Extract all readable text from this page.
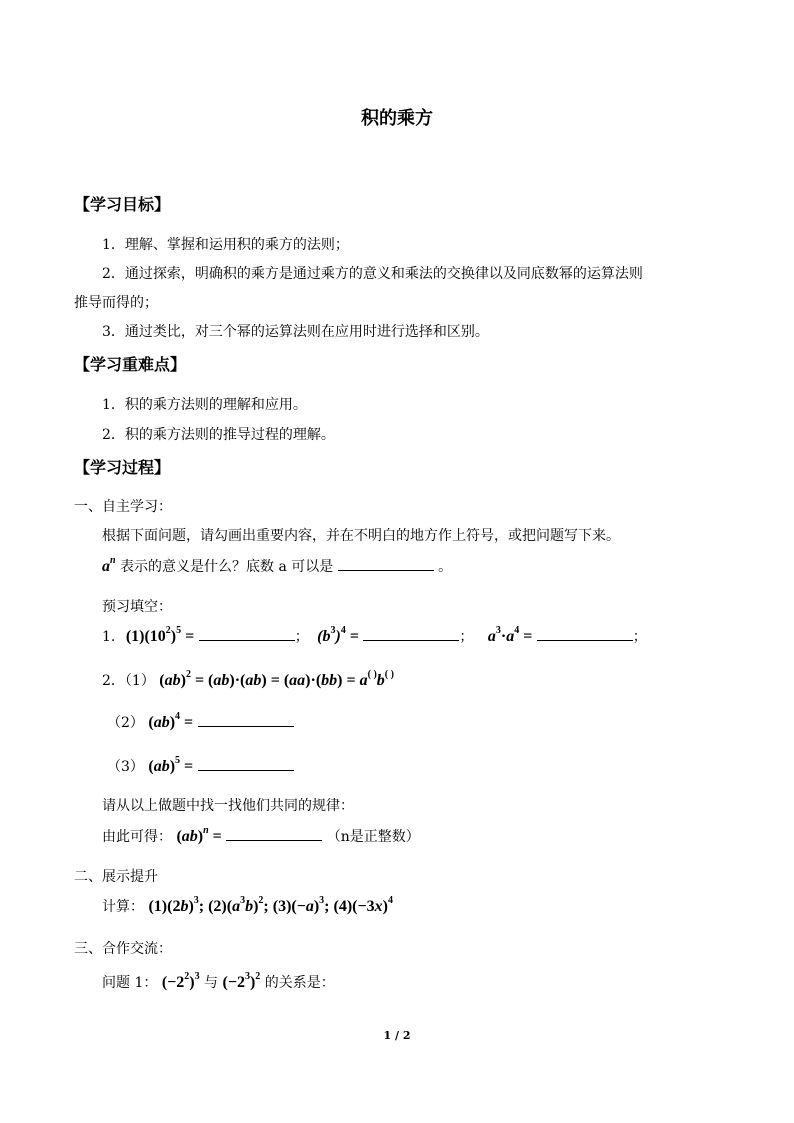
积的乘方
【学习目标】
1．理解、掌握和运用积的乘方的法则；
2．通过探索，明确积的乘方是通过乘方的意义和乘法的交换律以及同底数幂的运算法则
推导而得的；
3．通过类比，对三个幂的运算法则在应用时进行选择和区别。
【学习重难点】
1．积的乘方法则的理解和应用。
2．积的乘方法则的推导过程的理解。
【学习过程】
一、自主学习：
根据下面问题，请勾画出重要内容，并在不明白的地方作上符号，或把问题写下来。
$a^n$ 表示的意义是什么？底数 a 可以是	。
预习填空：
1. $(1)(10^2)^5$ =	； $(b^3)^4$ =	； $a^3\cdot a^4$ =	；
2．（1） (ab)$^2$ = (ab)·(ab) = (aa)·(bb) = a( )b( )
（2） (ab)$^4$ =
（3） (ab)$^5$ =
请从以上做题中找一找他们共同的规律：
由此可得： (ab)$^n$ =	（n是正整数）
二、展示提升
计算： $(1)(2b)^3$; $(2)(a^3b)^2$; $(3)(-a)^3$; $(4)(-3x)^4$
三、合作交流：
问题 1： $(-2^2)^3$ 与 $(-2^3)^2$ 的关系是：
1 / 2
